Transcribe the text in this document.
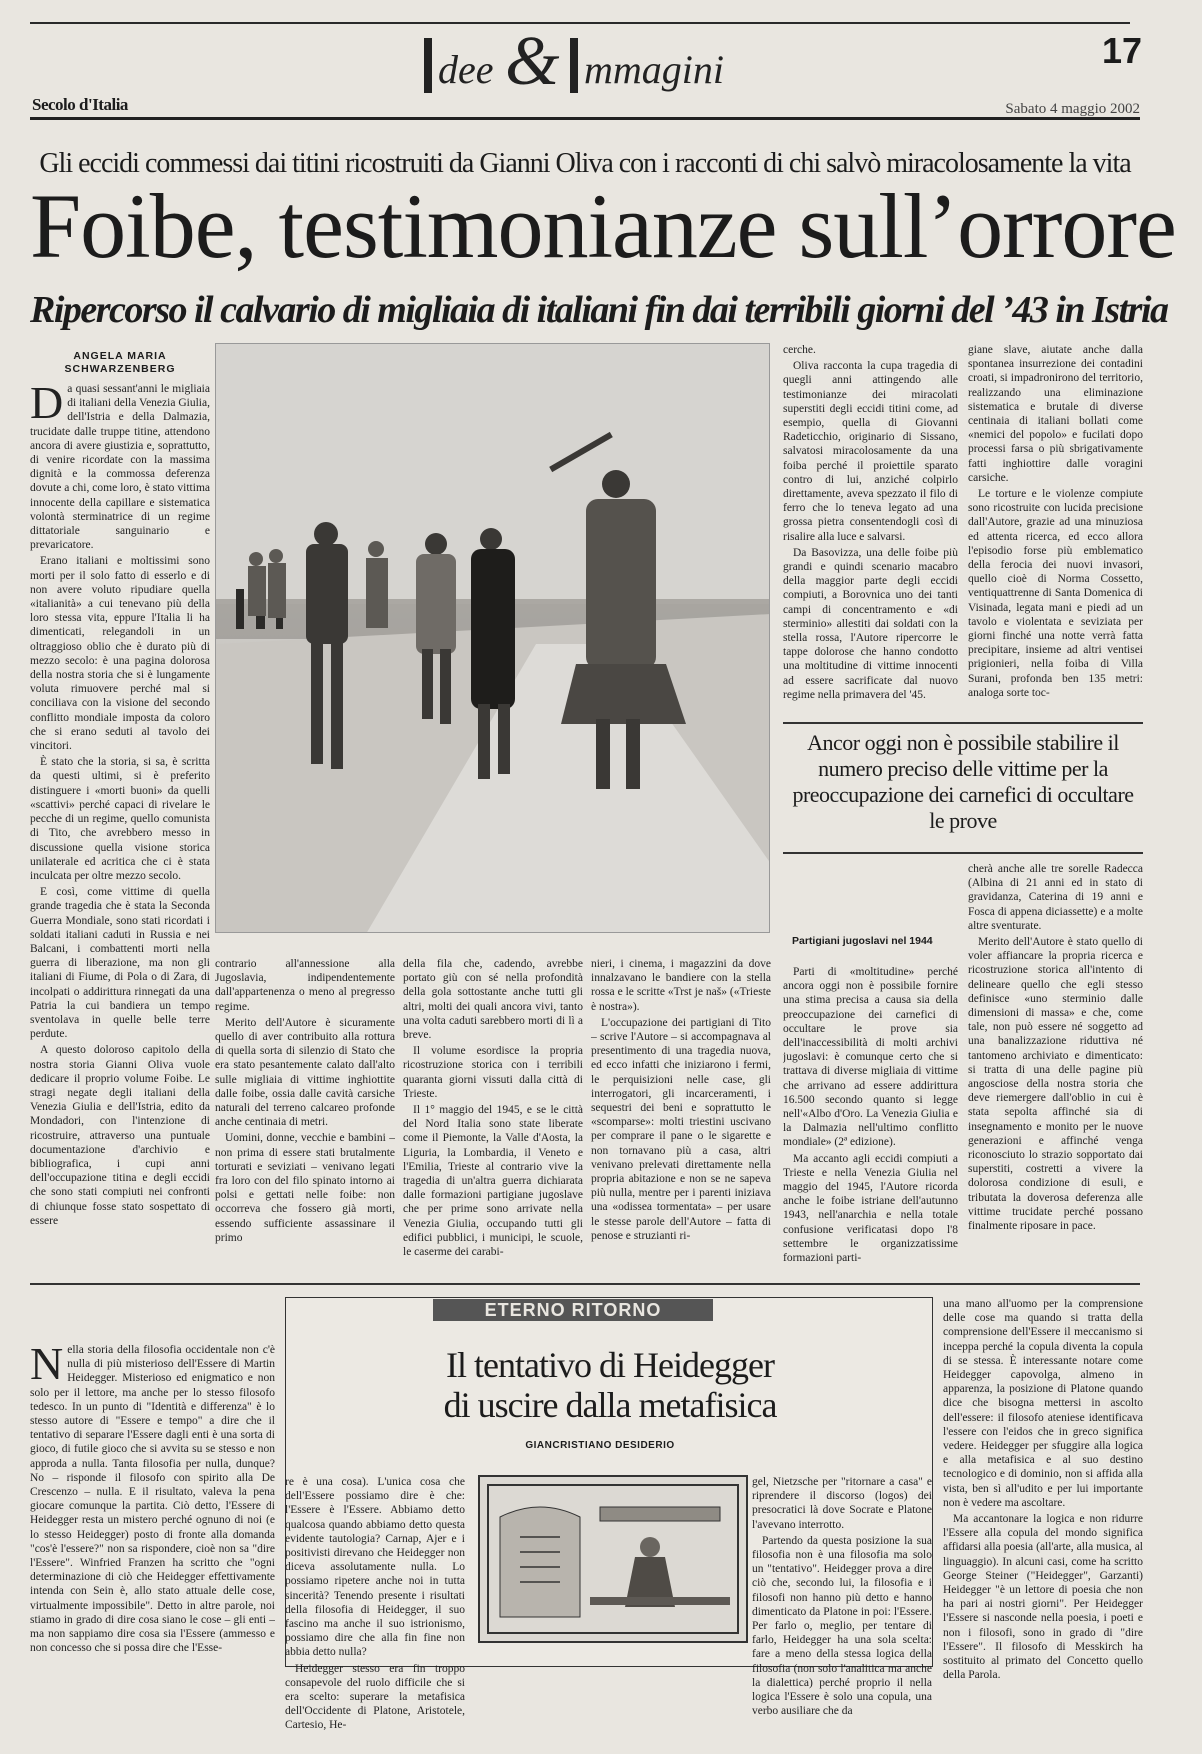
dee & mmagini	17
Secolo d'Italia	Sabato 4 maggio 2002
Gli eccidi commessi dai titini ricostruiti da Gianni Oliva con i racconti di chi salvò miracolosamente la vita
Foibe, testimonianze sull’orrore
Ripercorso il calvario di migliaia di italiani fin dai terribili giorni del ’43 in Istria
ANGELA MARIA
SCHWARZENBERG
D a quasi sessant'anni le migliaia di italiani della Venezia Giulia, dell'Istria e della Dalmazia, trucidate dalle truppe titine, attendono ancora di avere giustizia e, soprattutto, di venire ricordate con la massima dignità e la commossa deferenza dovute a chi, come loro, è stato vittima innocente della capillare e sistematica volontà sterminatrice di un regime dittatoriale sanguinario e prevaricatore.

Erano italiani e moltissimi sono morti per il solo fatto di esserlo e di non avere voluto ripudiare quella «italianità» a cui tenevano più della loro stessa vita, eppure l'Italia li ha dimenticati, relegandoli in un oltraggioso oblio che è durato più di mezzo secolo: è una pagina dolorosa della nostra storia che si è lungamente voluta rimuovere perché mal si conciliava con la visione del secondo conflitto mondiale imposta da coloro che si erano seduti al tavolo dei vincitori.

È stato che la storia, si sa, è scritta da questi ultimi, si è preferito distinguere i «morti buoni» da quelli «scattivi» perché capaci di rivelare le pecche di un regime, quello comunista di Tito, che avrebbero messo in discussione quella visione storica unilaterale ed acritica che ci è stata inculcata per oltre mezzo secolo.

E così, come vittime di quella grande tragedia che è stata la Seconda Guerra Mondiale, sono stati ricordati i soldati italiani caduti in Russia e nei Balcani, i combattenti morti nella guerra di liberazione, ma non gli italiani di Fiume, di Pola o di Zara, di incolpati o addirittura rinnegati da una Patria la cui bandiera un tempo sventolava in quelle belle terre perdute.

A questo doloroso capitolo della nostra storia Gianni Oliva vuole dedicare il proprio volume Foibe. Le stragi negate degli italiani della Venezia Giulia e dell'Istria, edito da Mondadori, con l'intenzione di ricostruire, attraverso una puntuale documentazione d'archivio e bibliografica, i cupi anni dell'occupazione titina e degli eccidi che sono stati compiuti nei confronti di chiunque fosse stato sospettato di essere

Partigiani jugoslavi nel 1944

contrario all'annessione alla Jugoslavia, indipendentemente dall'appartenenza o meno al pregresso regime.

Merito dell'Autore è sicuramente quello di aver contribuito alla rottura di quella sorta di silenzio di Stato che era stato pesantemente calato dall'alto sulle migliaia di vittime inghiottite dalle foibe, ossia dalle cavità carsiche naturali del terreno calcareo profonde anche centinaia di metri.

Uomini, donne, vecchie e bambini – non prima di essere stati brutalmente torturati e seviziati – venivano legati fra loro con del filo spinato intorno ai polsi e gettati nelle foibe: non occorreva che fossero già morti, essendo sufficiente assassinare il primo

della fila che, cadendo, avrebbe portato giù con sé nella profondità della gola sottostante anche tutti gli altri, molti dei quali ancora vivi, tanto una volta caduti sarebbero morti di lì a breve.

Il volume esordisce la propria ricostruzione storica con i terribili quaranta giorni vissuti dalla città di Trieste.

Il 1° maggio del 1945, e se le città del Nord Italia sono state liberate come il Piemonte, la Valle d'Aosta, la Liguria, la Lombardia, il Veneto e l'Emilia, Trieste al contrario vive la tragedia di un'altra guerra dichiarata dalle formazioni partigiane jugoslave che per prime sono arrivate nella Venezia Giulia, occupando tutti gli edifici pubblici, i municipi, le scuole, le caserme dei carabi-

nieri, i cinema, i magazzini da dove innalzavano le bandiere con la stella rossa e le scritte «Trst je naš» («Trieste è nostra»).

L'occupazione dei partigiani di Tito – scrive l'Autore – si accompagnava al presentimento di una tragedia nuova, ed ecco infatti che iniziarono i fermi, le perquisizioni nelle case, gli interrogatori, gli incarceramenti, i sequestri dei beni e soprattutto le «scomparse»: molti triestini uscivano per comprare il pane o le sigarette e non tornavano più a casa, altri venivano prelevati direttamente nella propria abitazione e non se ne sapeva più nulla, mentre per i parenti iniziava una «odissea tormentata» – per usare le stesse parole dell'Autore – fatta di penose e struzianti ri-

cerche.

Oliva racconta la cupa tragedia di quegli anni attingendo alle testimonianze dei miracolati superstiti degli eccidi titini come, ad esempio, quella di Giovanni Radeticchio, originario di Sissano, salvatosi miracolosamente da una foiba perché il proiettile sparato contro di lui, anziché colpirlo direttamente, aveva spezzato il filo di ferro che lo teneva legato ad una grossa pietra consentendogli così di risalire alla luce e salvarsi.

Da Basovizza, una delle foibe più grandi e quindi scenario macabro della maggior parte degli eccidi compiuti, a Borovnica uno dei tanti campi di concentramento e «di sterminio» allestiti dai soldati con la stella rossa, l'Autore ripercorre le tappe dolorose che hanno condotto una moltitudine di vittime innocenti ad essere sacrificate dal nuovo regime nella primavera del '45.

giane slave, aiutate anche dalla spontanea insurrezione dei contadini croati, si impadronirono del territorio, realizzando una eliminazione sistematica e brutale di diverse centinaia di italiani bollati come «nemici del popolo» e fucilati dopo processi farsa o più sbrigativamente fatti inghiottire dalle voragini carsiche.

Le torture e le violenze compiute sono ricostruite con lucida precisione dall'Autore, grazie ad una minuziosa ed attenta ricerca, ed ecco allora l'episodio forse più emblematico della ferocia dei nuovi invasori, quello cioè di Norma Cossetto, ventiquattrenne di Santa Domenica di Visinada, legata mani e piedi ad un tavolo e violentata e seviziata per giorni finché una notte verrà fatta precipitare, insieme ad altri ventisei prigionieri, nella foiba di Villa Surani, profonda ben 135 metri: analoga sorte toc-

Ancor oggi non è possibile stabilire il numero preciso delle vittime per la preoccupazione dei carnefici di occultare le prove

Parti di «moltitudine» perché ancora oggi non è possibile fornire una stima precisa a causa sia della preoccupazione dei carnefici di occultare le prove sia dell'inaccessibilità di molti archivi jugoslavi: è comunque certo che si trattava di diverse migliaia di vittime che arrivano ad essere addirittura 16.500 secondo quanto si legge nell'«Albo d'Oro. La Venezia Giulia e la Dalmazia nell'ultimo conflitto mondiale» (2ª edizione).

Ma accanto agli eccidi compiuti a Trieste e nella Venezia Giulia nel maggio del 1945, l'Autore ricorda anche le foibe istriane dell'autunno 1943, nell'anarchia e nella totale confusione verificatasi dopo l'8 settembre le organizzatissime formazioni parti-

cherà anche alle tre sorelle Radecca (Albina di 21 anni ed in stato di gravidanza, Caterina di 19 anni e Fosca di appena diciassette) e a molte altre sventurate.

Merito dell'Autore è stato quello di voler affiancare la propria ricerca e ricostruzione storica all'intento di delineare quello che egli stesso definisce «uno sterminio dalle dimensioni di massa» e che, come tale, non può essere né soggetto ad una banalizzazione riduttiva né tantomeno archiviato e dimenticato: si tratta di una delle pagine più angosciose della nostra storia che deve riemergere dall'oblio in cui è stata sepolta affinché sia di insegnamento e monito per le nuove generazioni e affinché venga riconosciuto lo strazio sopportato dai superstiti, costretti a vivere la dolorosa condizione di esuli, e tributata la doverosa deferenza alle vittime trucidate perché possano finalmente riposare in pace.

ETERNO RITORNO
Il tentativo di Heidegger
di uscire dalla metafisica
GIANCRISTIANO DESIDERIO
N ella storia della filosofia occidentale non c'è nulla di più misterioso dell'Essere di Martin Heidegger. Misterioso ed enigmatico e non solo per il lettore, ma anche per lo stesso filosofo tedesco. In un punto di "Identità e differenza" è lo stesso autore di "Essere e tempo" a dire che il tentativo di separare l'Essere dagli enti è una sorta di gioco, di futile gioco che si avvita su se stesso e non approda a nulla. Tanta filosofia per nulla, dunque? No – risponde il filosofo con spirito alla De Crescenzo – nulla. E il risultato, valeva la pena giocare comunque la partita. Ciò detto, l'Essere di Heidegger resta un mistero perché ognuno di noi (e lo stesso Heidegger) posto di fronte alla domanda "cos'è l'essere?" non sa rispondere, cioè non sa "dire l'Essere". Winfried Franzen ha scritto che "ogni determinazione di ciò che Heidegger effettivamente intenda con Sein è, allo stato attuale delle cose, virtualmente impossibile". Detto in altre parole, noi stiamo in grado di dire cosa siano le cose – gli enti – ma non sappiamo dire cosa sia l'Essere (ammesso e non concesso che si possa dire che l'Esse-

re è una cosa). L'unica cosa che dell'Essere possiamo dire è che: l'Essere è l'Essere. Abbiamo detto qualcosa quando abbiamo detto questa evidente tautologia? Carnap, Ajer e i positivisti direvano che Heidegger non diceva assolutamente nulla. Lo possiamo ripetere anche noi in tutta sincerità? Tenendo presente i risultati della filosofia di Heidegger, il suo fascino ma anche il suo istrionismo, possiamo dire che alla fin fine non abbia detto nulla?

Heidegger stesso era fin troppo consapevole del ruolo difficile che si era scelto: superare la metafisica dell'Occidente di Platone, Aristotele, Cartesio, He-

gel, Nietzsche per "ritornare a casa" e riprendere il discorso (logos) dei presocratici là dove Socrate e Platone l'avevano interrotto.

Partendo da questa posizione la sua filosofia non è una filosofia ma solo un "tentativo". Heidegger prova a dire ciò che, secondo lui, la filosofia e i filosofi non hanno più detto e hanno dimenticato da Platone in poi: l'Essere. Per farlo o, meglio, per tentare di farlo, Heidegger ha una sola scelta: fare a meno della stessa logica della filosofia (non solo l'analitica ma anche la dialettica) perché proprio il nella logica l'Essere è solo una copula, una verbo ausiliare che da

una mano all'uomo per la comprensione delle cose ma quando si tratta della comprensione dell'Essere il meccanismo si inceppa perché la copula diventa la copula di se stessa. È interessante notare come Heidegger capovolga, almeno in apparenza, la posizione di Platone quando dice che bisogna mettersi in ascolto dell'essere: il filosofo ateniese identificava l'essere con l'eidos che in greco significa vedere. Heidegger per sfuggire alla logica e alla metafisica e al suo destino tecnologico e di dominio, non si affida alla vista, ben sì all'udito e per lui importante non è vedere ma ascoltare.

Ma accantonare la logica e non ridurre l'Essere alla copula del mondo significa affidarsi alla poesia (all'arte, alla musica, al linguaggio). In alcuni casi, come ha scritto George Steiner ("Heidegger", Garzanti) Heidegger "è un lettore di poesia che non ha pari ai nostri giorni". Per Heidegger l'Essere si nasconde nella poesia, i poeti e non i filosofi, sono in grado di "dire l'Essere". Il filosofo di Messkirch ha sostituito al primato del Concetto quello della Parola.
